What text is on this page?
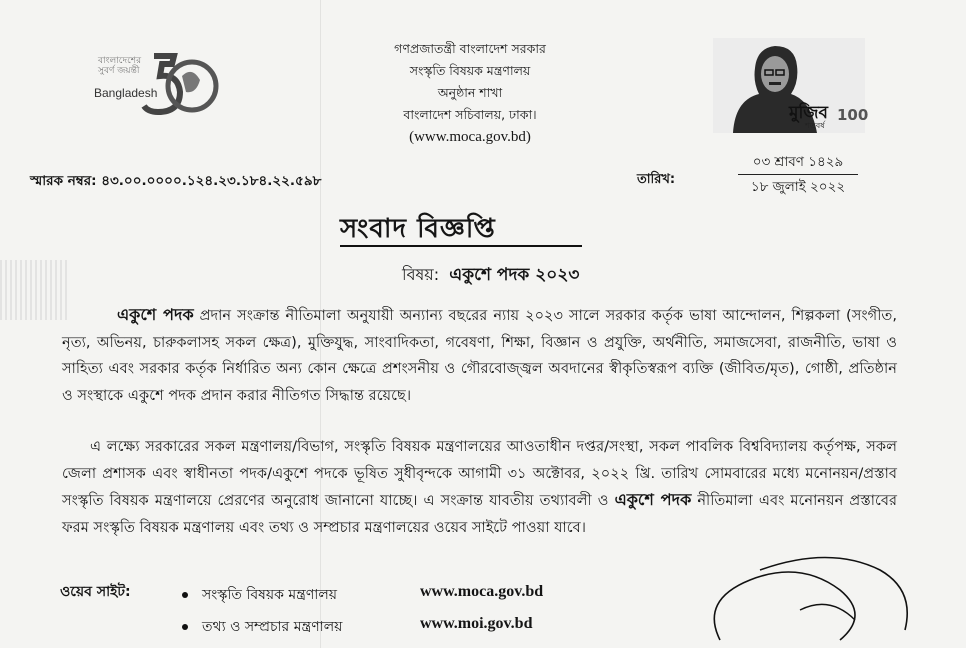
বাংলাদেশের সুবর্ণ জয়ন্তী
Bangladesh
গণপ্রজাতন্ত্রী বাংলাদেশ সরকার
সংস্কৃতি বিষয়ক মন্ত্রণালয়
অনুষ্ঠান শাখা
বাংলাদেশ সচিবালয়, ঢাকা।
(www.moca.gov.bd)
মুজিব 100
শতবর্ষ
স্মারক নম্বর: ৪৩.০০.০০০০.১২৪.২৩.১৮৪.২২.৫৯৮	তারিখ:
০৩ শ্রাবণ ১৪২৯
১৮ জুলাই ২০২২
সংবাদ বিজ্ঞপ্তি
বিষয়: একুশে পদক ২০২৩
একুশে পদক প্রদান সংক্রান্ত নীতিমালা অনুযায়ী অন্যান্য বছরের ন্যায় ২০২৩ সালে সরকার কর্তৃক ভাষা আন্দোলন, শিল্পকলা (সংগীত, নৃত্য, অভিনয়, চারুকলাসহ সকল ক্ষেত্র), মুক্তিযুদ্ধ, সাংবাদিকতা, গবেষণা, শিক্ষা, বিজ্ঞান ও প্রযুক্তি, অর্থনীতি, সমাজসেবা, রাজনীতি, ভাষা ও সাহিত্য এবং সরকার কর্তৃক নির্ধারিত অন্য কোন ক্ষেত্রে প্রশংসনীয় ও গৌরবোজ্জ্বল অবদানের স্বীকৃতিস্বরূপ ব্যক্তি (জীবিত/মৃত), গোষ্ঠী, প্রতিষ্ঠান ও সংস্থাকে একুশে পদক প্রদান করার নীতিগত সিদ্ধান্ত রয়েছে।
এ লক্ষ্যে সরকারের সকল মন্ত্রণালয়/বিভাগ, সংস্কৃতি বিষয়ক মন্ত্রণালয়ের আওতাধীন দপ্তর/সংস্থা, সকল পাবলিক বিশ্ববিদ্যালয় কর্তৃপক্ষ, সকল জেলা প্রশাসক এবং স্বাধীনতা পদক/একুশে পদকে ভূষিত সুধীবৃন্দকে আগামী ৩১ অক্টোবর, ২০২২ খ্রি. তারিখ সোমবারের মধ্যে মনোনয়ন/প্রস্তাব সংস্কৃতি বিষয়ক মন্ত্রণালয়ে প্রেরণের অনুরোধ জানানো যাচ্ছে। এ সংক্রান্ত যাবতীয় তথ্যাবলী ও একুশে পদক নীতিমালা এবং মনোনয়ন প্রস্তাবের ফরম সংস্কৃতি বিষয়ক মন্ত্রণালয় এবং তথ্য ও সম্প্রচার মন্ত্রণালয়ের ওয়েব সাইটে পাওয়া যাবে।
ওয়েব সাইট:	সংস্কৃতি বিষয়ক মন্ত্রণালয়	www.moca.gov.bd
তথ্য ও সম্প্রচার মন্ত্রণালয়	www.moi.gov.bd
